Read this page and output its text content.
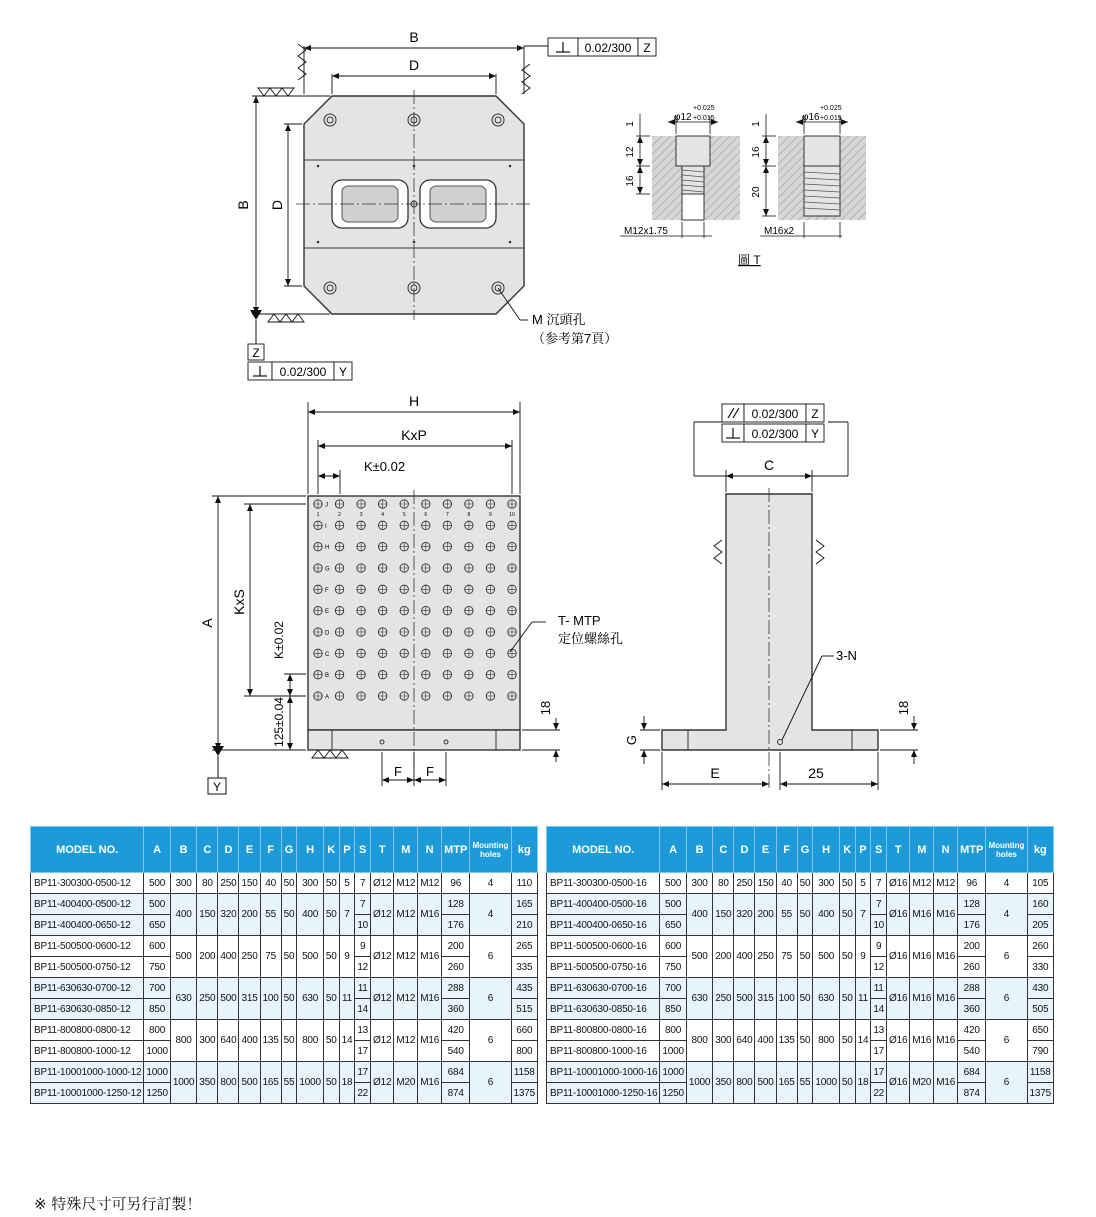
B
D
B D
0.02/300 Z
Z
0.02/300 Y
M 沉頭孔
（参考第7頁）
φ12
+0.025
+0.015
1
12
16
M12x1.75
φ16
+0.025
+0.015
1
16
20
M16x2
圖 T
J
I
H
G
F
E
D
C
B
A
1	2	3	4	5	6	7	8	9	10
Y
H
KxP
K±0.02
A
KxS
K±0.02
125±0.04	18
F F
T- MTP
定位螺絲孔
0.02/300 Z
0.02/300 Y
C
3-N
G
18
E	25
MODEL NO.	A	B	C	D	E	F	G	H	K	P	S	T	M	N	MTP	Mounting holes	kg
BP11-300300-0500-12	500	300	80	250	150	40	50	300	50	5	7	Ø12	M12	M12	96	4	110
BP11-400400-0500-12	500	400	150	320	200	55	50	400	50	7	7	Ø12	M12	M16	128	4	165
BP11-400400-0650-12	650										10				176		210
BP11-500500-0600-12	600	500	200	400	250	75	50	500	50	9	9	Ø12	M12	M16	200	6	265
BP11-500500-0750-12	750										12				260		335
BP11-630630-0700-12	700	630	250	500	315	100	50	630	50	11	11	Ø12	M12	M16	288	6	435
BP11-630630-0850-12	850										14				360		515
BP11-800800-0800-12	800	800	300	640	400	135	50	800	50	14	13	Ø12	M12	M16	420	6	660
BP11-800800-1000-12	1000										17				540		800
BP11-10001000-1000-12	1000	1000	350	800	500	165	55	1000	50	18	17	Ø12	M20	M16	684	6	1158
BP11-10001000-1250-12	1250										22				874		1375
MODEL NO.	A	B	C	D	E	F	G	H	K	P	S	T	M	N	MTP	Mounting holes	kg
BP11-300300-0500-16	500	300	80	250	150	40	50	300	50	5	7	Ø16	M12	M12	96	4	105
BP11-400400-0500-16	500	400	150	320	200	55	50	400	50	7	7	Ø16	M16	M16	128	4	160
BP11-400400-0650-16	650										10				176		205
BP11-500500-0600-16	600	500	200	400	250	75	50	500	50	9	9	Ø16	M16	M16	200	6	260
BP11-500500-0750-16	750										12				260		330
BP11-630630-0700-16	700	630	250	500	315	100	50	630	50	11	11	Ø16	M16	M16	288	6	430
BP11-630630-0850-16	850										14				360		505
BP11-800800-0800-16	800	800	300	640	400	135	50	800	50	14	13	Ø16	M16	M16	420	6	650
BP11-800800-1000-16	1000										17				540		790
BP11-10001000-1000-16	1000	1000	350	800	500	165	55	1000	50	18	17	Ø16	M20	M16	684	6	1158
BP11-10001000-1250-16	1250										22				874		1375
※ 特殊尺寸可另行訂製！
